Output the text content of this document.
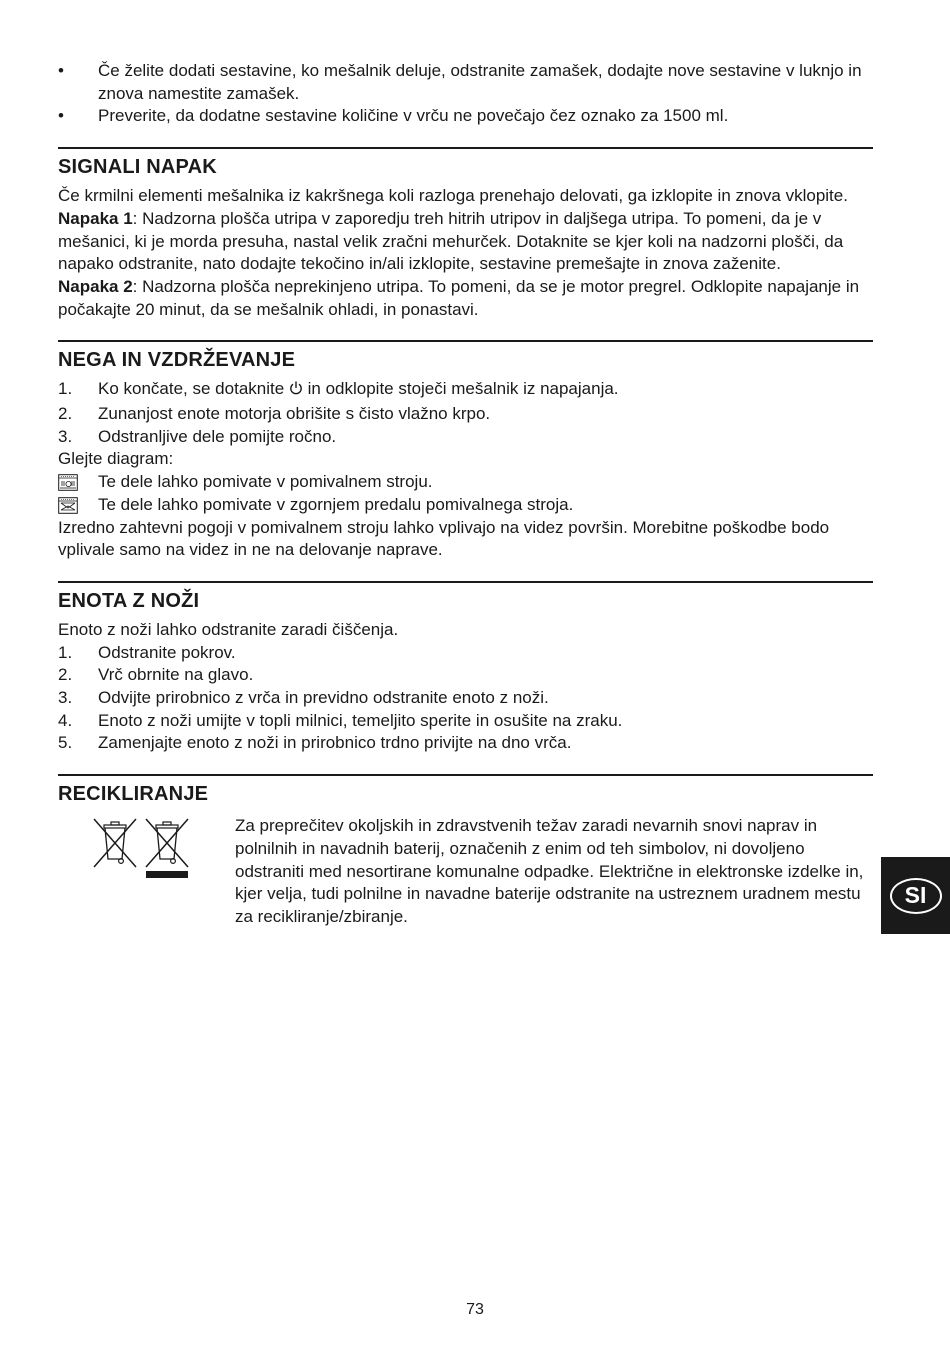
• Če želite dodati sestavine, ko mešalnik deluje, odstranite zamašek, dodajte nove sestavine v luknjo in znova namestite zamašek.
• Preverite, da dodatne sestavine količine v vrču ne povečajo čez oznako za 1500 ml.
SIGNALI NAPAK

Če krmilni elementi mešalnika iz kakršnega koli razloga prenehajo delovati, ga izklopite in znova vklopite.

Napaka 1: Nadzorna plošča utripa v zaporedju treh hitrih utripov in daljšega utripa. To pomeni, da je v mešanici, ki je morda presuha, nastal velik zračni mehurček. Dotaknite se kjer koli na nadzorni plošči, da napako odstranite, nato dodajte tekočino in/ali izklopite, sestavine premešajte in znova zaženite.

Napaka 2: Nadzorna plošča neprekinjeno utripa. To pomeni, da se je motor pregrel. Odklopite napajanje in počakajte 20 minut, da se mešalnik ohladi, in ponastavi.

NEGA IN VZDRŽEVANJE
1. Ko končate, se dotaknite  in odklopite stoječi mešalnik iz napajanja.
2. Zunanjost enote motorja obrišite s čisto vlažno krpo.
3. Odstranljive dele pomijte ročno.

Glejte diagram:

Te dele lahko pomivate v pomivalnem stroju.
Te dele lahko pomivate v zgornjem predalu pomivalnega stroja.

Izredno zahtevni pogoji v pomivalnem stroju lahko vplivajo na videz površin. Morebitne poškodbe bodo vplivale samo na videz in ne na delovanje naprave.

ENOTA Z NOŽI

Enoto z noži lahko odstranite zaradi čiščenja.

1. Odstranite pokrov.
2. Vrč obrnite na glavo.
3. Odvijte prirobnico z vrča in previdno odstranite enoto z noži.
4. Enoto z noži umijte v topli milnici, temeljito sperite in osušite na zraku.
5. Zamenjajte enoto z noži in prirobnico trdno privijte na dno vrča.
RECIKLIRANJE

Za preprečitev okoljskih in zdravstvenih težav zaradi nevarnih snovi naprav in polnilnih in navadnih baterij, označenih z enim od teh simbolov, ni dovoljeno odstraniti med nesortirane komunalne odpadke. Električne in elektronske izdelke in, kjer velja, tudi polnilne in navadne baterije odstranite na ustreznem uradnem mestu za recikliranje/zbiranje.

SI
73
